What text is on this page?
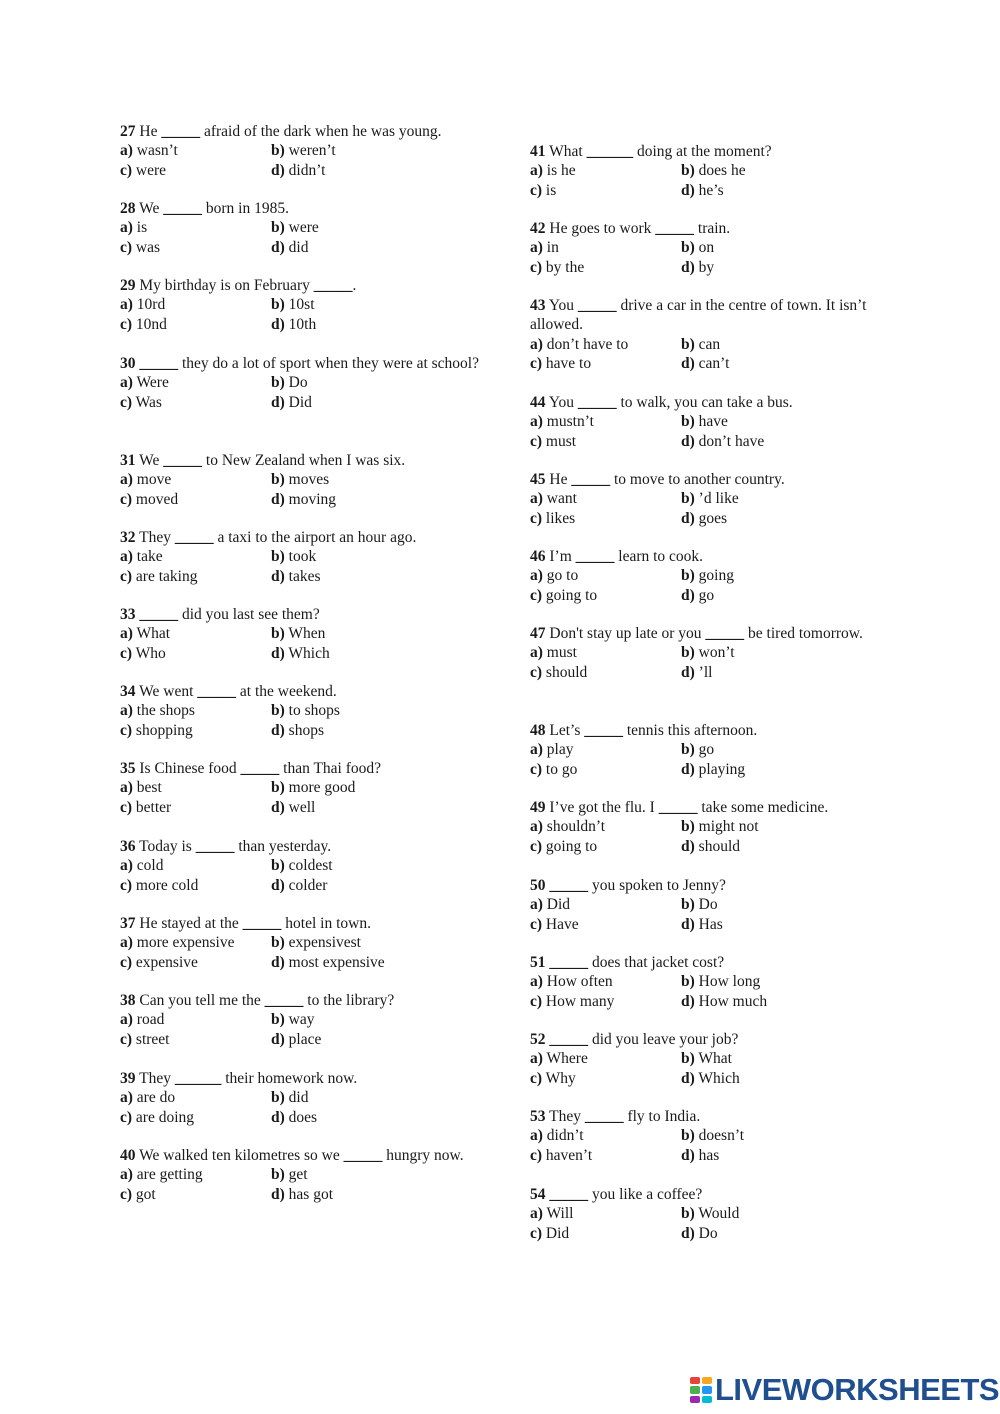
27 He _____ afraid of the dark when he was young.
a) wasn’t	b) weren’t
c) were	d) didn’t
28 We _____ born in 1985.
a) is	b) were
c) was	d) did
29 My birthday is on February _____.
a) 10rd	b) 10st
c) 10nd	d) 10th
30 _____ they do a lot of sport when they were at school?
a) Were	b) Do
c) Was	d) Did
31 We _____ to New Zealand when I was six.
a) move	b) moves
c) moved	d) moving
32 They _____ a taxi to the airport an hour ago.
a) take	b) took
c) are taking	d) takes
33 _____ did you last see them?
a) What	b) When
c) Who	d) Which
34 We went _____ at the weekend.
a) the shops	b) to shops
c) shopping	d) shops
35 Is Chinese food _____ than Thai food?
a) best	b) more good
c) better	d) well
36 Today is _____ than yesterday.
a) cold	b) coldest
c) more cold	d) colder
37 He stayed at the _____ hotel in town.
a) more expensive	b) expensivest
c) expensive	d) most expensive
38 Can you tell me the _____ to the library?
a) road	b) way
c) street	d) place
39 They ______ their homework now.
a) are do	b) did
c) are doing	d) does
40 We walked ten kilometres so we _____ hungry now.
a) are getting	b) get
c) got	d) has got
41 What ______ doing at the moment?
a) is he	b) does he
c) is	d) he’s
42 He goes to work _____ train.
a) in	b) on
c) by the	d) by
43 You _____ drive a car in the centre of town. It isn’t allowed.
a) don’t have to	b) can
c) have to	d) can’t
44 You _____ to walk, you can take a bus.
a) mustn’t	b) have
c) must	d) don’t have
45 He _____ to move to another country.
a) want	b) ’d like
c) likes	d) goes
46 I’m _____ learn to cook.
a) go to	b) going
c) going to	d) go
47 Don't stay up late or you _____ be tired tomorrow.
a) must	b) won’t
c) should	d) ’ll
48 Let’s _____ tennis this afternoon.
a) play	b) go
c) to go	d) playing
49 I’ve got the flu. I _____ take some medicine.
a) shouldn’t	b) might not
c) going to	d) should
50 _____ you spoken to Jenny?
a) Did	b) Do
c) Have	d) Has
51 _____ does that jacket cost?
a) How often	b) How long
c) How many	d) How much
52 _____ did you leave your job?
a) Where	b) What
c) Why	d) Which
53 They _____ fly to India.
a) didn’t	b) doesn’t
c) haven’t	d) has
54 _____ you like a coffee?
a) Will	b) Would
c) Did	d) Do
LIVEWORKSHEETS
